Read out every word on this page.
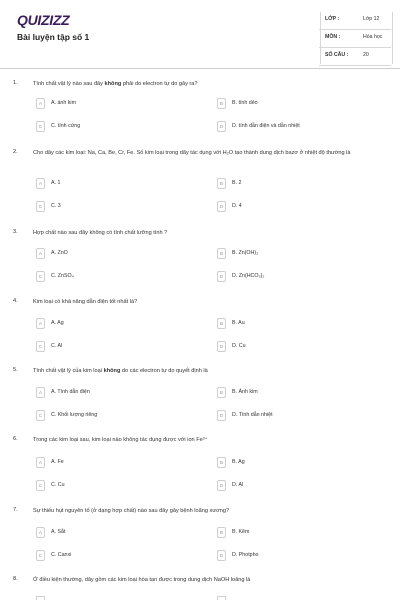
QUIZIZZ
Bài luyện tập số 1
LỚP :	Lớp 12
MÔN :	Hóa học
SỐ CÂU :	20
1.	Tính chất vật lý nào sau đây không phải do electron tự do gây ra?
A	A. ánh kim	B	B. tính dẻo
C	C. tính cứng	D	D. tính dẫn điện và dẫn nhiệt
2.	Cho dãy các kim loại: Na, Ca, Be, Cr, Fe. Số kim loại trong dãy tác dụng với H₂O tạo thành dung dịch bazơ ở nhiệt độ thường là
A	A. 1	B	B. 2
C	C. 3	D	D. 4
3.	Hợp chất nào sau đây không có tính chất lưỡng tính ?
A	A. ZnO	B	B. Zn(OH)₂
C	C. ZnSO₄	D	D. Zn(HCO₃)₂
4.	Kim loại có khả năng dẫn điện tốt nhất là?
A	A. Ag	B	B. Au
C	C. Al	D	D. Cu
5.	Tính chất vật lý của kim loại không do các electron tự do quyết định là
A	A. Tính dẫn điện	B	B. Ánh kim
C	C. Khối lượng riêng	D	D. Tính dẫn nhiệt
6.	Trong các kim loại sau, kim loại nào không tác dụng được với ion Fe³⁺
A	A. Fe	B	B. Ag
C	C. Cu	D	D. Al
7.	Sự thiếu hụt nguyên tố (ở dạng hợp chất) nào sau đây gây bệnh loãng xương?
A	A. Sắt	B	B. Kẽm
C	C. Canxi	D	D. Photpho
8.	Ở điều kiện thường, dãy gồm các kim loại hòa tan được trong dung dịch NaOH loãng là
